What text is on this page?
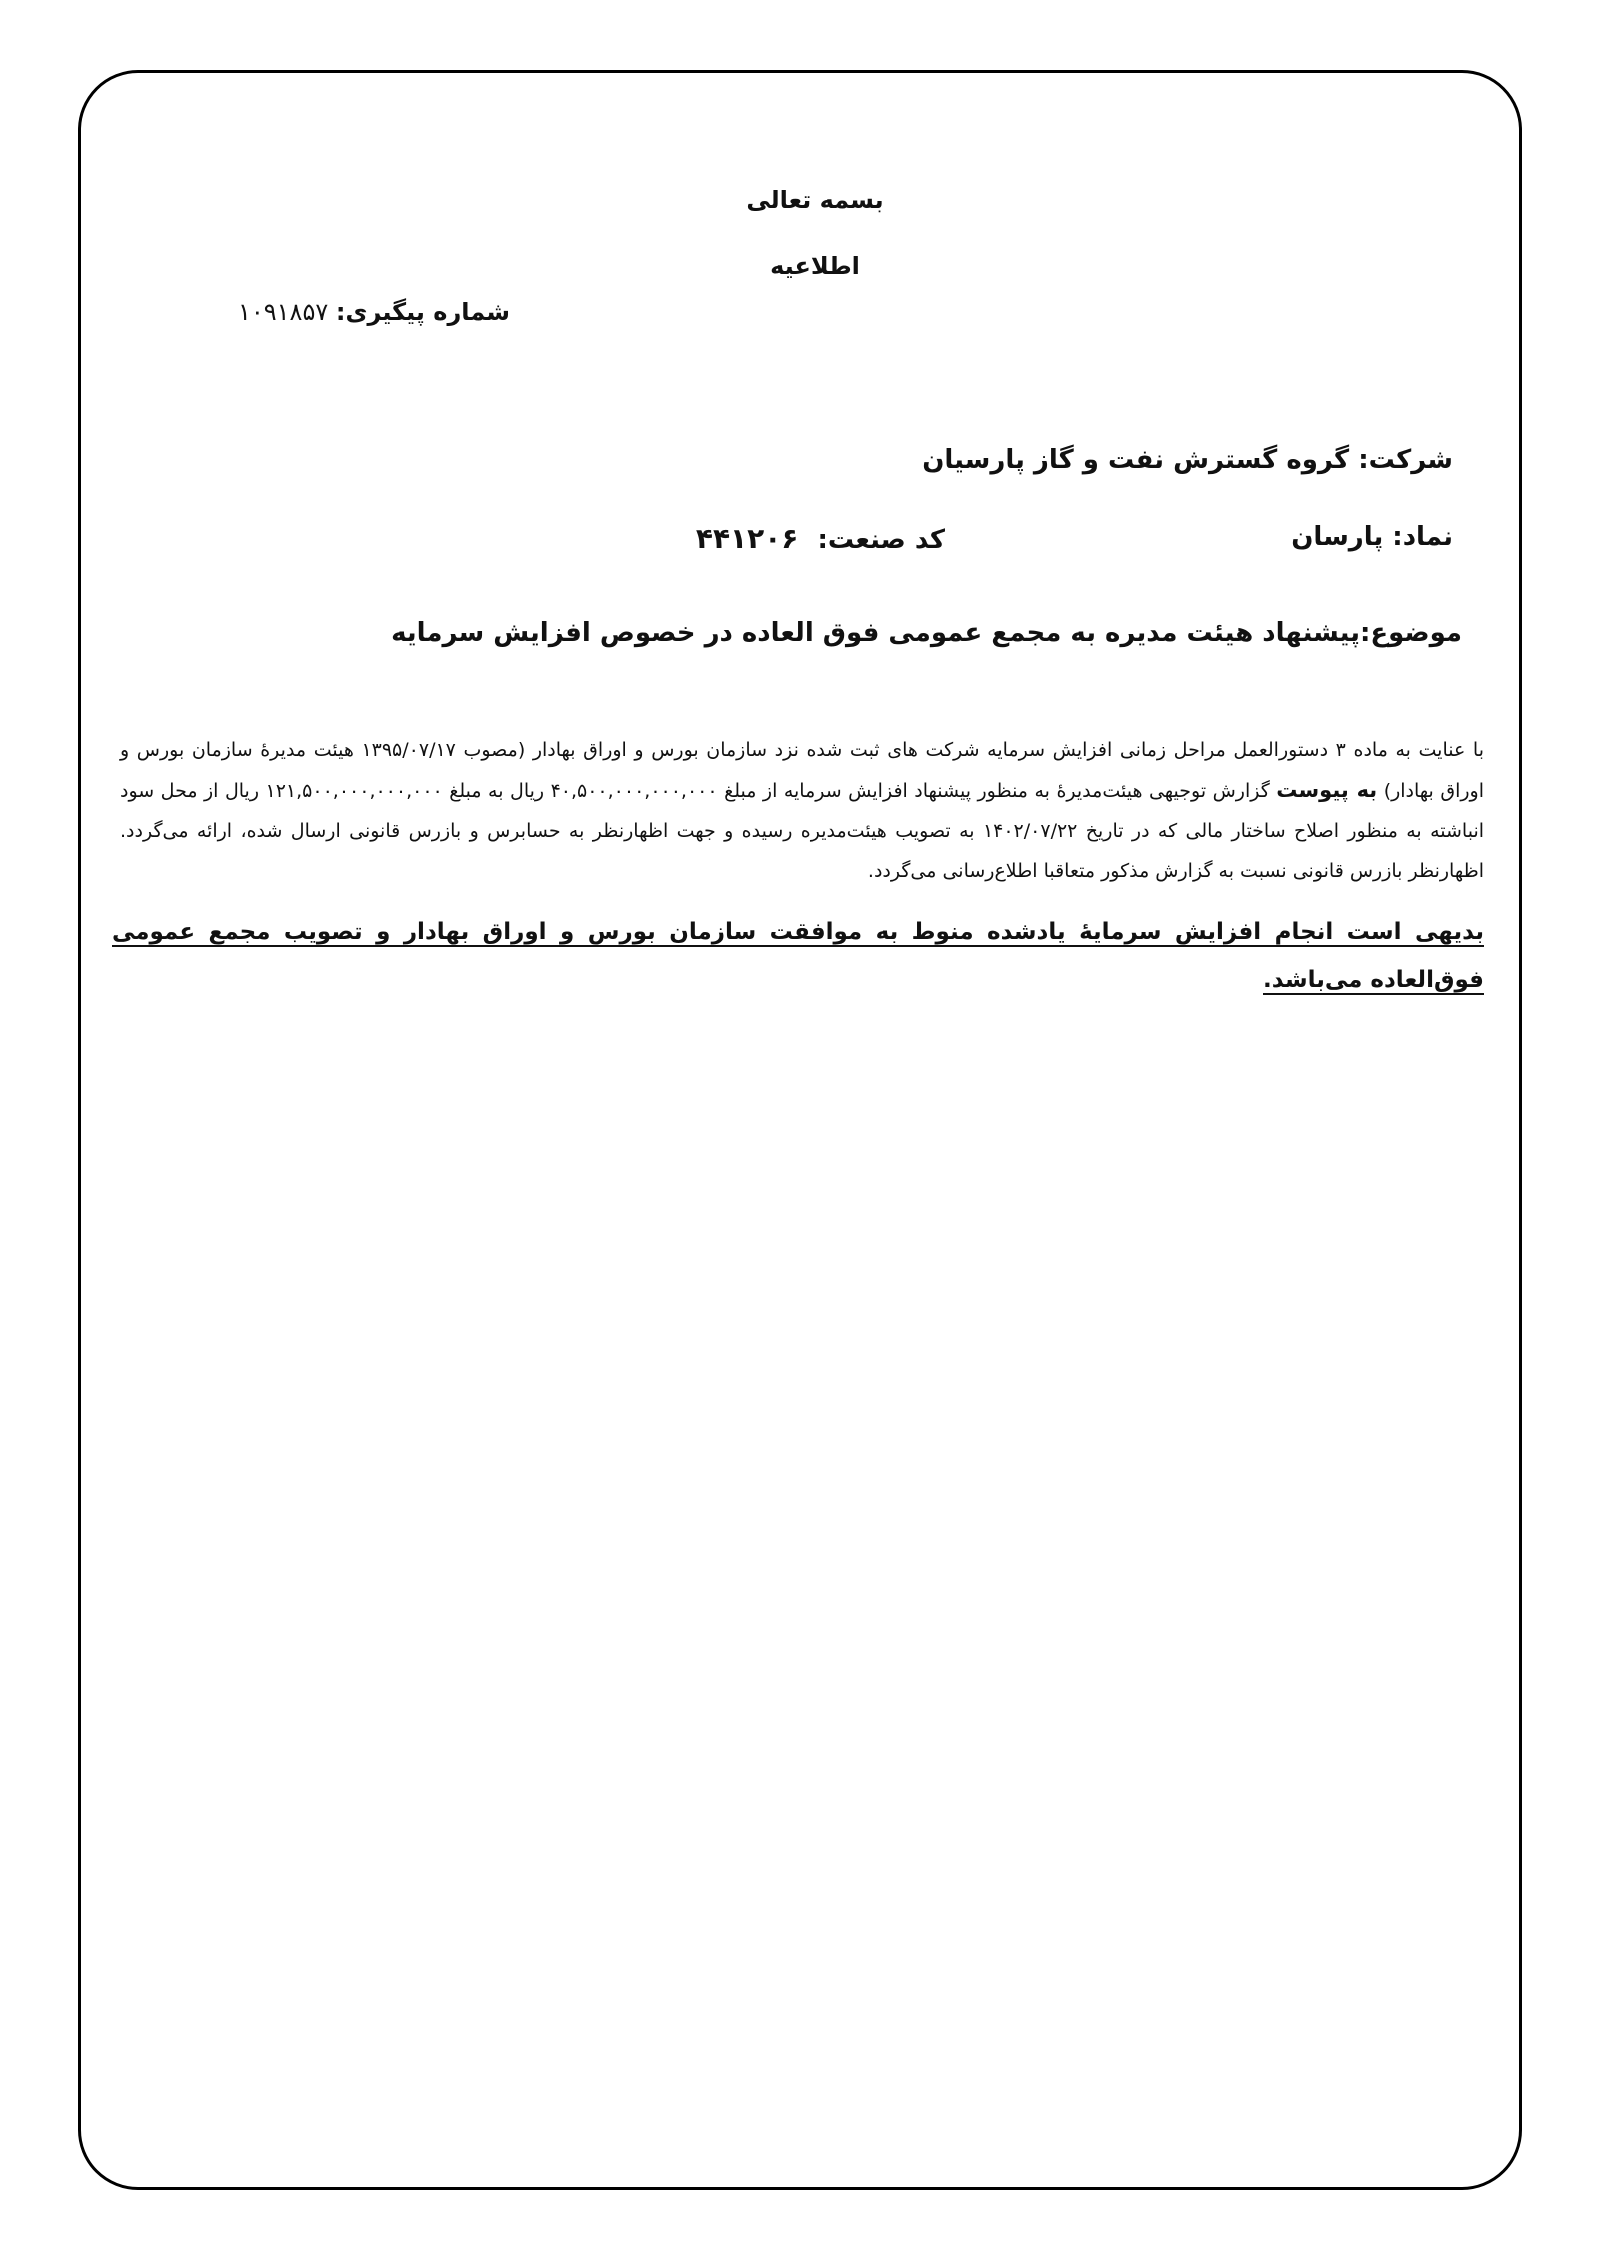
بسمه تعالی
اطلاعیه
شماره پیگیری: ۱۰۹۱۸۵۷
شرکت: گروه گسترش نفت و گاز پارسیان
نماد: پارسان
کد صنعت: ۴۴۱۲۰۶
موضوع:پیشنهاد هیئت مدیره به مجمع عمومی فوق العاده در خصوص افزایش سرمایه
با عنایت به ماده ۳ دستورالعمل مراحل زمانی افزایش سرمایه شرکت های ثبت شده نزد سازمان بورس و اوراق بهادار (مصوب ۱۳۹۵/۰۷/۱۷ هیئت مدیرهٔ سازمان بورس و اوراق بهادار) به پیوست گزارش توجیهی هیئت‌مدیرهٔ به منظور پیشنهاد افزایش سرمایه از مبلغ ۴۰,۵۰۰,۰۰۰,۰۰۰,۰۰۰ ریال به مبلغ ۱۲۱,۵۰۰,۰۰۰,۰۰۰,۰۰۰ ریال از محل سود انباشته به منظور اصلاح ساختار مالی که در تاریخ ۱۴۰۲/۰۷/۲۲ به تصویب هیئت‌مدیره رسیده و جهت اظهارنظر به حسابرس و بازرس قانونی ارسال شده، ارائه می‌گردد. اظهارنظر بازرس قانونی نسبت به گزارش مذکور متعاقبا اطلاع‌رسانی می‌گردد.
بدیهی است انجام افزایش سرمایهٔ یادشده منوط به موافقت سازمان بورس و اوراق بهادار و تصویب مجمع عمومی فوق‌العاده می‌باشد.
